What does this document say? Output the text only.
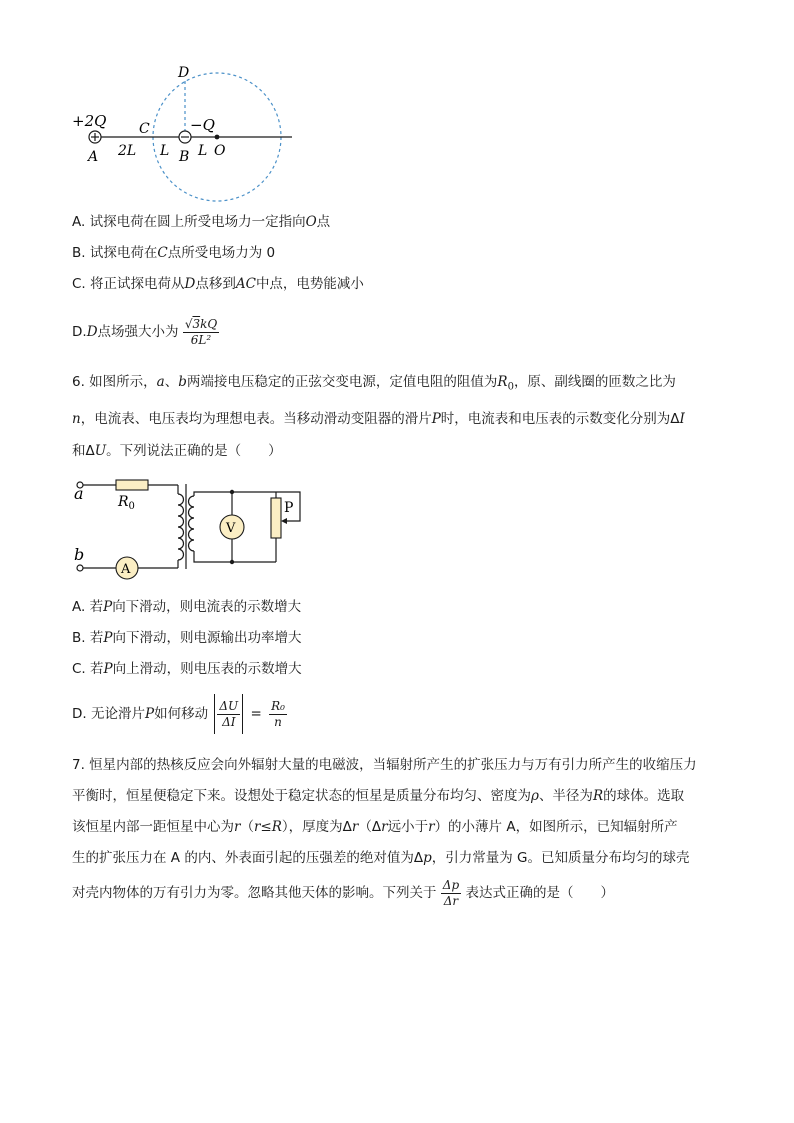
+2Q
A 2L
C
L B
−Q
L O
D
A. 试探电荷在圆上所受电场力一定指向O点
B. 试探电荷在C点所受电场力为 0
C. 将正试探电荷从D点移到AC中点，电势能减小
D.D点场强大小为 $\frac{√3kQ}{\text{6L²}}$
6. 如图所示，a、b两端接电压稳定的正弦交变电源，定值电阻的阻值为$R_0$，原、副线圈的匝数之比为
n，电流表、电压表均为理想电表。当移动滑动变阻器的滑片P时，电流表和电压表的示数变化分别为ΔI
和ΔU。下列说法正确的是（　　）
a
b
$R_0$
A
V
P
A. 若P向下滑动，则电流表的示数增大
B. 若P向下滑动，则电源输出功率增大
C. 若P向上滑动，则电压表的示数增大
D. 无论滑片P如何移动 $\frac{\Delta U}{\Delta I} = \frac{\text{R₀}}{n}$
7. 恒星内部的热核反应会向外辐射大量的电磁波，当辐射所产生的扩张压力与万有引力所产生的收缩压力
平衡时，恒星便稳定下来。设想处于稳定状态的恒星是质量分布均匀、密度为ρ、半径为R的球体。选取
该恒星内部一距恒星中心为r（r≤R），厚度为Δr（Δr远小于r）的小薄片 A，如图所示，已知辐射所产
生的扩张压力在 A 的内、外表面引起的压强差的绝对值为Δp，引力常量为 G。已知质量分布均匀的球壳
对壳内物体的万有引力为零。忽略其他天体的影响。下列关于 $\frac{\Delta p}{\Delta r}$ 表达式正确的是（　　）
